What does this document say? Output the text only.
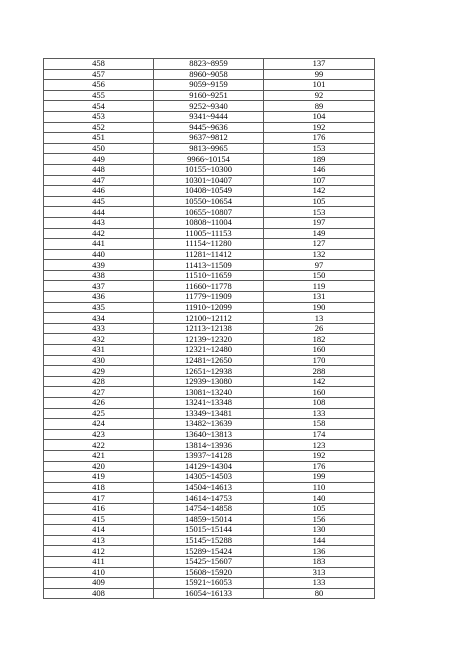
458	8823~8959	137
457	8960~9058	99
456	9059~9159	101
455	9160~9251	92
454	9252~9340	89
453	9341~9444	104
452	9445~9636	192
451	9637~9812	176
450	9813~9965	153
449	9966~10154	189
448	10155~10300	146
447	10301~10407	107
446	10408~10549	142
445	10550~10654	105
444	10655~10807	153
443	10808~11004	197
442	11005~11153	149
441	11154~11280	127
440	11281~11412	132
439	11413~11509	97
438	11510~11659	150
437	11660~11778	119
436	11779~11909	131
435	11910~12099	190
434	12100~12112	13
433	12113~12138	26
432	12139~12320	182
431	12321~12480	160
430	12481~12650	170
429	12651~12938	288
428	12939~13080	142
427	13081~13240	160
426	13241~13348	108
425	13349~13481	133
424	13482~13639	158
423	13640~13813	174
422	13814~13936	123
421	13937~14128	192
420	14129~14304	176
419	14305~14503	199
418	14504~14613	110
417	14614~14753	140
416	14754~14858	105
415	14859~15014	156
414	15015~15144	130
413	15145~15288	144
412	15289~15424	136
411	15425~15607	183
410	15608~15920	313
409	15921~16053	133
408	16054~16133	80
